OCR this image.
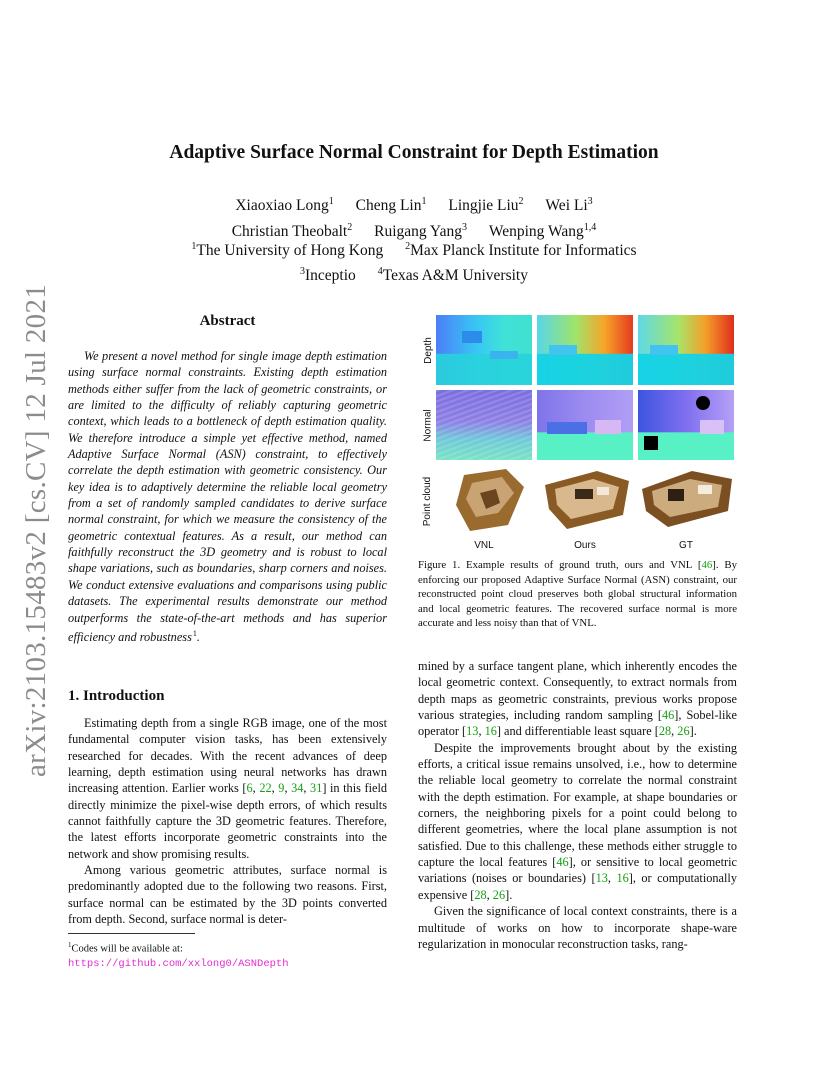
arXiv:2103.15483v2 [cs.CV] 12 Jul 2021
Adaptive Surface Normal Constraint for Depth Estimation
Xiaoxiao Long$^1$ Cheng Lin$^1$ Lingjie Liu$^2$ Wei Li$^3$
Christian Theobalt$^2$ Ruigang Yang$^3$ Wenping Wang$^{1,4}$
$^1$The University of Hong Kong $^2$Max Planck Institute for Informatics
$^3$Inceptio $^4$Texas A&M University
Abstract
We present a novel method for single image depth estimation using surface normal constraints. Existing depth estimation methods either suffer from the lack of geometric constraints, or are limited to the difficulty of reliably capturing geometric context, which leads to a bottleneck of depth estimation quality. We therefore introduce a simple yet effective method, named Adaptive Surface Normal (ASN) constraint, to effectively correlate the depth estimation with geometric consistency. Our key idea is to adaptively determine the reliable local geometry from a set of randomly sampled candidates to derive surface normal constraint, for which we measure the consistency of the geometric contextual features. As a result, our method can faithfully reconstruct the 3D geometry and is robust to local shape variations, such as boundaries, sharp corners and noises. We conduct extensive evaluations and comparisons using public datasets. The experimental results demonstrate our method outperforms the state-of-the-art methods and has superior efficiency and robustness $^1$.
1. Introduction

Estimating depth from a single RGB image, one of the most fundamental computer vision tasks, has been extensively researched for decades. With the recent advances of deep learning, depth estimation using neural networks has drawn increasing attention. Earlier works [6, 22, 9, 34, 31] in this field directly minimize the pixel-wise depth errors, of which results cannot faithfully capture the 3D geometric features. Therefore, the latest efforts incorporate geometric constraints into the network and show promising results.

Among various geometric attributes, surface normal is predominantly adopted due to the following two reasons. First, surface normal can be estimated by the 3D points converted from depth. Second, surface normal is deter-

$^1$Codes will be available at: https://github.com/xxlong0/ASNDepth
Depth
Normal
Point cloud
VNL	Ours	GT
Figure 1. Example results of ground truth, ours and VNL [46]. By enforcing our proposed Adaptive Surface Normal (ASN) constraint, our reconstructed point cloud preserves both global structural information and local geometric features. The recovered surface normal is more accurate and less noisy than that of VNL.

mined by a surface tangent plane, which inherently encodes the local geometric context. Consequently, to extract normals from depth maps as geometric constraints, previous works propose various strategies, including random sampling [46], Sobel-like operator [13, 16] and differentiable least square [28, 26].

Despite the improvements brought about by the existing efforts, a critical issue remains unsolved, i.e., how to determine the reliable local geometry to correlate the normal constraint with the depth estimation. For example, at shape boundaries or corners, the neighboring pixels for a point could belong to different geometries, where the local plane assumption is not satisfied. Due to this challenge, these methods either struggle to capture the local features [46], or sensitive to local geometric variations (noises or boundaries) [13, 16], or computationally expensive [28, 26].

Given the significance of local context constraints, there is a multitude of works on how to incorporate shape-ware regularization in monocular reconstruction tasks, rang-
